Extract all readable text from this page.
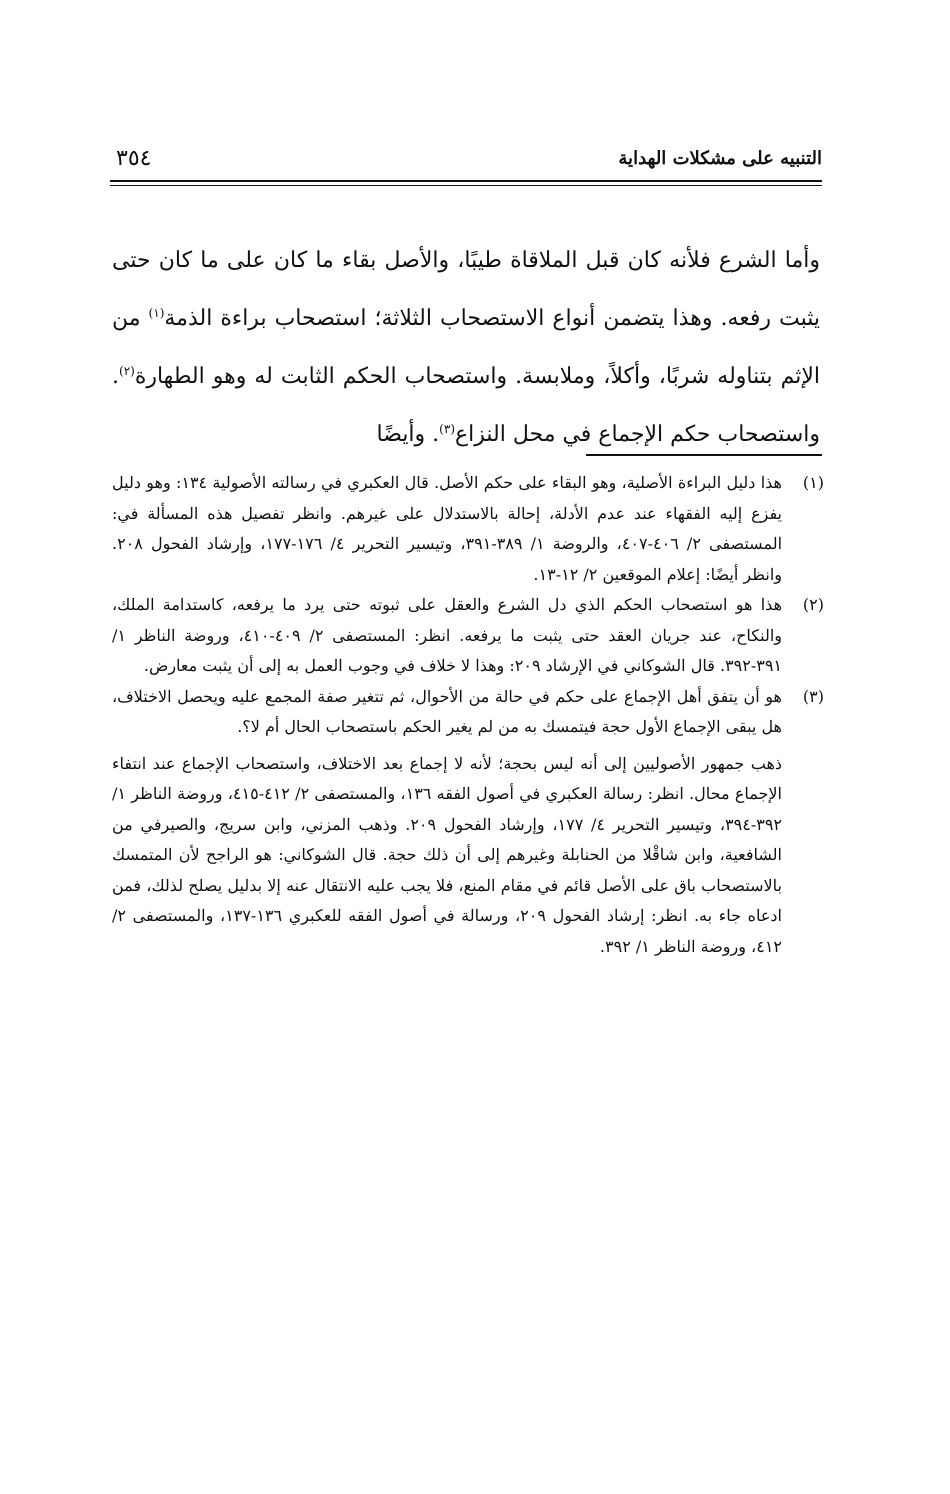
التنبيه على مشكلات الهداية
٣٥٤

وأما الشرع فلأنه كان قبل الملاقاة طيبًا، والأصل بقاء ما كان على ما كان حتى يثبت رفعه. وهذا يتضمن أنواع الاستصحاب الثلاثة؛ استصحاب براءة الذمة$^{(١)}$ من الإثم بتناوله شربًا، وأكلاً، وملابسة. واستصحاب الحكم الثابت له وهو الطهارة$^{(٢)}$. واستصحاب حكم الإجماع في محل النزاع$^{(٣)}$. وأيضًا

(١)
هذا دليل البراءة الأصلية، وهو البقاء على حكم الأصل. قال العكبري في رسالته الأصولية ١٣٤: وهو دليل يفزع إليه الفقهاء عند عدم الأدلة، إحالة بالاستدلال على غيرهم. وانظر تفصيل هذه المسألة في: المستصفى ٢/ ٤٠٦-٤٠٧، والروضة ١/ ٣٨٩-٣٩١، وتيسير التحرير ٤/ ١٧٦-١٧٧، وإرشاد الفحول ٢٠٨. وانظر أيضًا: إعلام الموقعين ٢/ ١٢-١٣.
(٢)
هذا هو استصحاب الحكم الذي دل الشرع والعقل على ثبوته حتى يرد ما يرفعه، كاستدامة الملك، والنكاح، عند جريان العقد حتى يثبت ما يرفعه. انظر: المستصفى ٢/ ٤٠٩-٤١٠، وروضة الناظر ١/ ٣٩١-٣٩٢. قال الشوكاني في الإرشاد ٢٠٩: وهذا لا خلاف في وجوب العمل به إلى أن يثبت معارض.
(٣)
هو أن يتفق أهل الإجماع على حكم في حالة من الأحوال، ثم تتغير صفة المجمع عليه ويحصل الاختلاف، هل يبقى الإجماع الأول حجة فيتمسك به من لم يغير الحكم باستصحاب الحال أم لا؟.

ذهب جمهور الأصوليين إلى أنه ليس بحجة؛ لأنه لا إجماع بعد الاختلاف، واستصحاب الإجماع عند انتفاء الإجماع محال. انظر: رسالة العكبري في أصول الفقه ١٣٦، والمستصفى ٢/ ٤١٢-٤١٥، وروضة الناظر ١/ ٣٩٢-٣٩٤، وتيسير التحرير ٤/ ١٧٧، وإرشاد الفحول ٢٠٩. وذهب المزني، وابن سريج، والصيرفي من الشافعية، وابن شاقْلا من الحنابلة وغيرهم إلى أن ذلك حجة. قال الشوكاني: هو الراجح لأن المتمسك بالاستصحاب باق على الأصل قائم في مقام المنع، فلا يجب عليه الانتقال عنه إلا بدليل يصلح لذلك، فمن ادعاه جاء به. انظر: إرشاد الفحول ٢٠٩، ورسالة في أصول الفقه للعكبري ١٣٦-١٣٧، والمستصفى ٢/ ٤١٢، وروضة الناظر ١/ ٣٩٢.
